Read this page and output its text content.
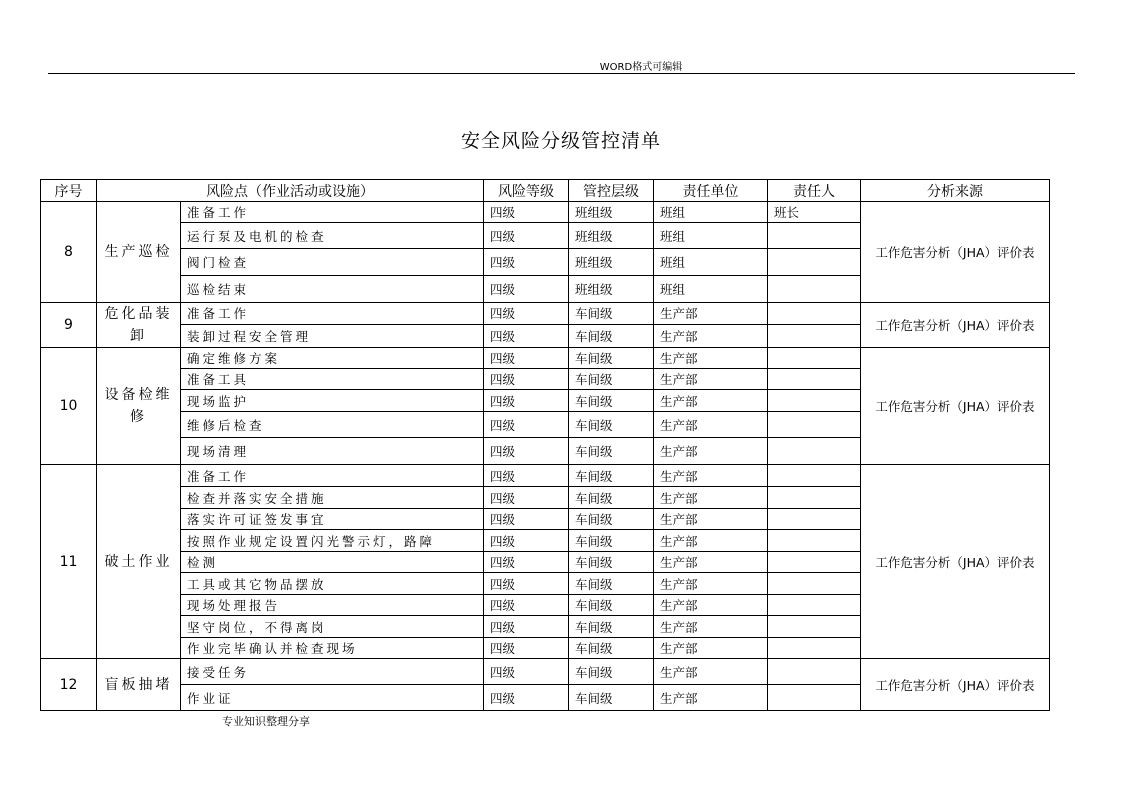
WORD格式可编辑
安全风险分级管控清单
序号	风险点（作业活动或设施）		风险等级	管控层级	责任单位	责任人	分析来源
8	生产巡检	准备工作	四级	班组级	班组	班长	工作危害分析（JHA）评价表
		运行泵及电机的检查	四级	班组级	班组		
		阀门检查	四级	班组级	班组		
		巡检结束	四级	班组级	班组		
9	危化品装卸	准备工作	四级	车间级	生产部		工作危害分析（JHA）评价表
		装卸过程安全管理	四级	车间级	生产部		
10	设备检维修	确定维修方案	四级	车间级	生产部		工作危害分析（JHA）评价表
		准备工具	四级	车间级	生产部		
		现场监护	四级	车间级	生产部		
		维修后检查	四级	车间级	生产部		
		现场清理	四级	车间级	生产部		
11	破土作业	准备工作	四级	车间级	生产部		工作危害分析（JHA）评价表
		检查并落实安全措施	四级	车间级	生产部		
		落实许可证签发事宜	四级	车间级	生产部		
		按照作业规定设置闪光警示灯，路障	四级	车间级	生产部		
		检测	四级	车间级	生产部		
		工具或其它物品摆放	四级	车间级	生产部		
		现场处理报告	四级	车间级	生产部		
		坚守岗位，不得离岗	四级	车间级	生产部		
		作业完毕确认并检查现场	四级	车间级	生产部		
12	盲板抽堵	接受任务	四级	车间级	生产部		工作危害分析（JHA）评价表
		作业证	四级	车间级	生产部		
专业知识整理分享
